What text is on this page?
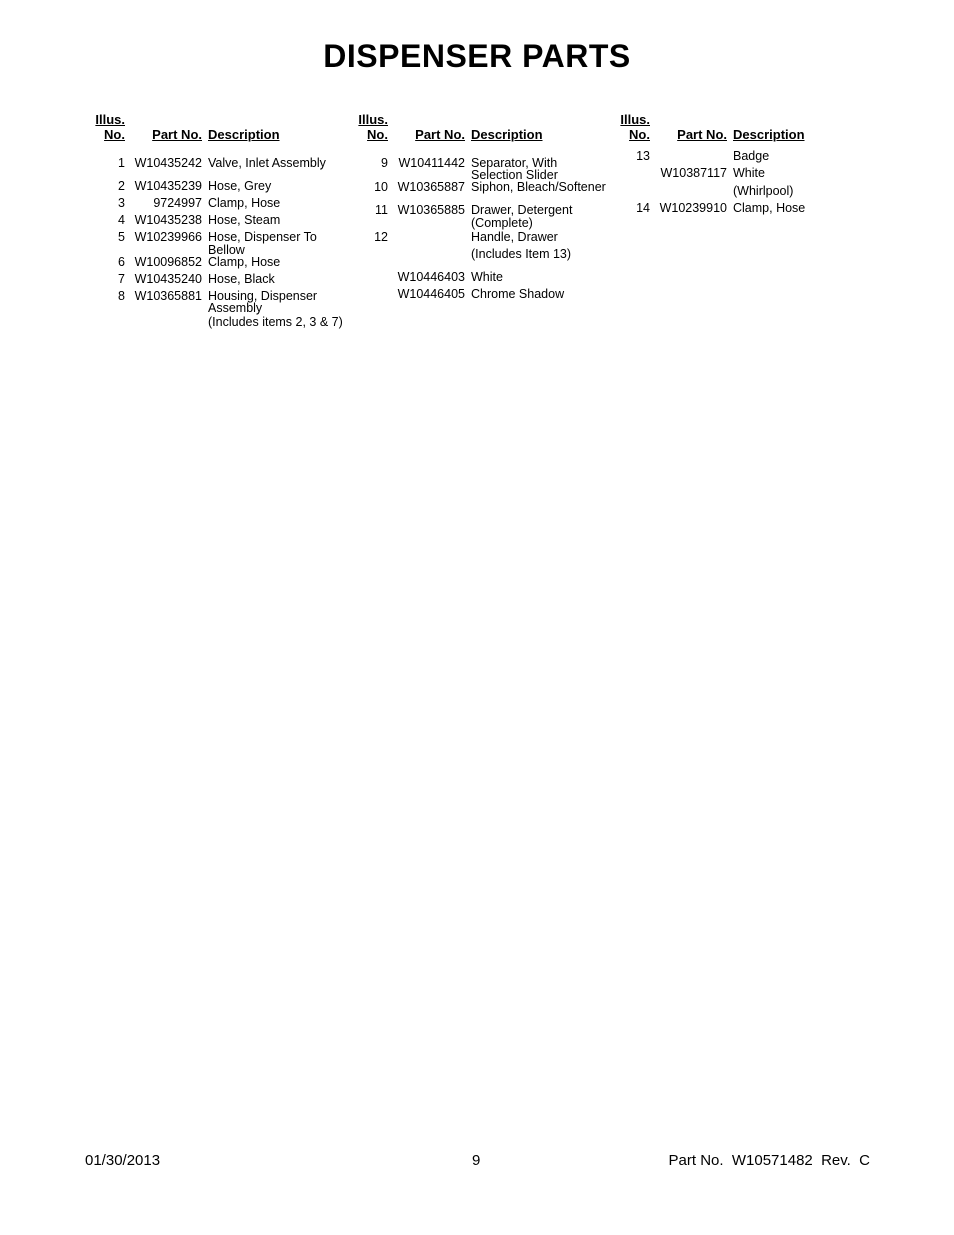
DISPENSER PARTS
Illus.
No. Part No. Description
1 W10435242 Valve, Inlet Assembly
2 W10435239 Hose, Grey
3 9724997 Clamp, Hose
4 W10435238 Hose, Steam
5 W10239966 Hose, Dispenser To
Bellow
6 W10096852 Clamp, Hose
7 W10435240 Hose, Black
8 W10365881 Housing, Dispenser
Assembly
(Includes items 2, 3 & 7)
Illus.
No. Part No. Description
9 W10411442 Separator, With
Selection Slider
10 W10365887 Siphon, Bleach/Softener
11 W10365885 Drawer, Detergent
(Complete)
12	Handle, Drawer
(Includes Item 13)
W10446403 White
W10446405 Chrome Shadow
Illus.
No. Part No. Description
13	Badge
W10387117 White
(Whirlpool)
14 W10239910 Clamp, Hose
01/30/2013	9	Part No.  W10571482  Rev.  C
